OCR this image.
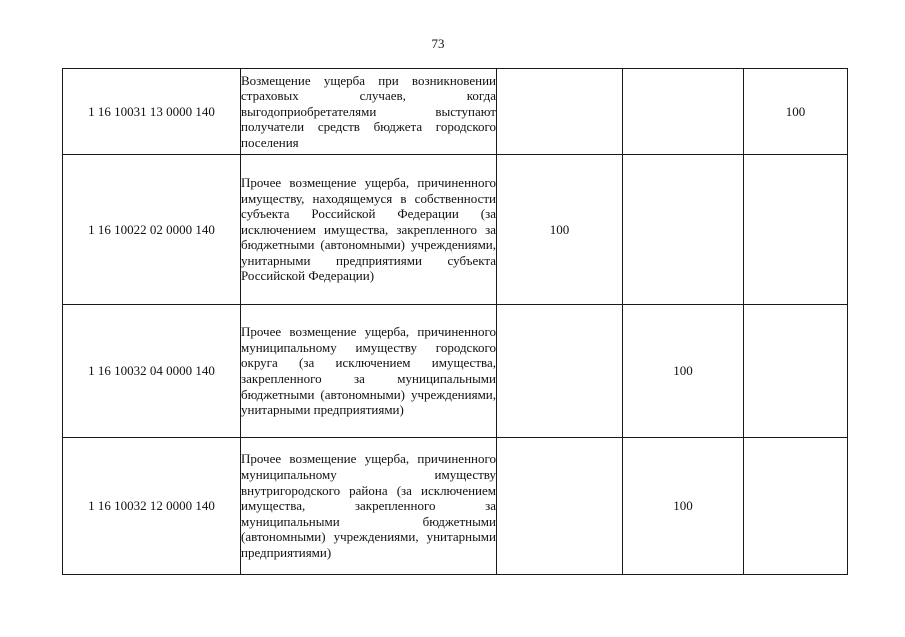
73
1 16 10031 13 0000 140	Возмещение ущерба при возникновении страховых случаев, когда выгодоприобретателями выступают получатели средств бюджета городского поселения			100
1 16 10022 02 0000 140	Прочее возмещение ущерба, причиненного имуществу, находящемуся в собственности субъекта Российской Федерации (за исключением имущества, закрепленного за бюджетными (автономными) учреждениями, унитарными предприятиями субъекта Российской Федерации)	100		
1 16 10032 04 0000 140	Прочее возмещение ущерба, причиненного муниципальному имуществу городского округа (за исключением имущества, закрепленного за муниципальными бюджетными (автономными) учреждениями, унитарными предприятиями)		100	
1 16 10032 12 0000 140	Прочее возмещение ущерба, причиненного муниципальному имуществу внутригородского района (за исключением имущества, закрепленного за муниципальными бюджетными (автономными) учреждениями, унитарными предприятиями)		100	
